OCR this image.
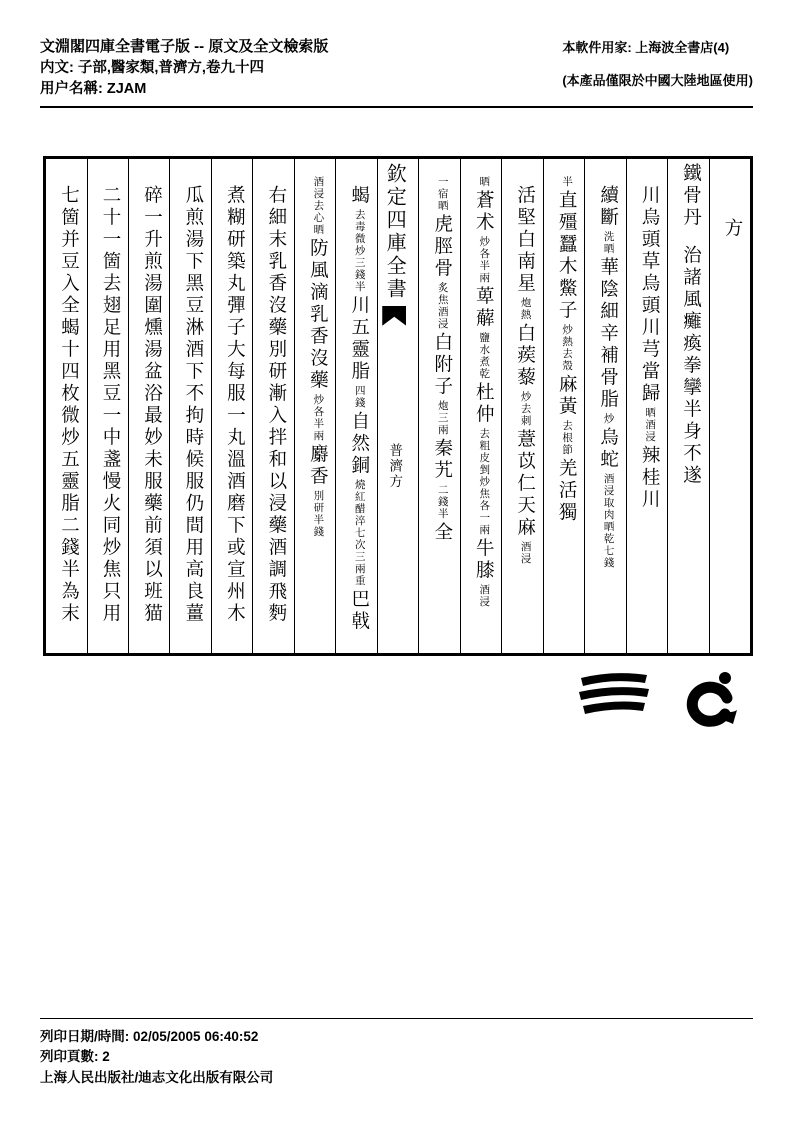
文淵閣四庫全書電子版 -- 原文及全文檢索版

内文: 子部,醫家類,普濟方,卷九十四

用户名稱: ZJAM

本軟件用家: 上海波全書店(4)

(本產品僅限於中國大陸地區使用)

方
鐵骨丹治諸風癱瘓拳攣半身不遂
川烏頭草烏頭川芎當歸晒酒浸辣桂川
續斷洗晒華陰細辛補骨脂炒烏蛇酒浸取肉晒乾七錢
半直殭蠶木鱉子炒熱去殼麻黃去根節羌活獨
活堅白南星炮熱白蒺藜炒去刺薏苡仁天麻酒浸
晒蒼术炒各半兩萆薢鹽水煮乾杜仲去粗皮剉炒焦各一兩牛膝酒浸
一宿晒虎脛骨炙焦酒浸白附子炮三兩秦艽二錢半全
欽定四庫全書普濟方
蝎去毒微炒三錢半川五靈脂四錢自然銅燒紅醋淬七次三兩重巴戟
酒浸去心晒防風滴乳香沒藥炒各半兩麝香別研半錢
右細末乳香沒藥別研漸入拌和以浸藥酒調飛麪
煮糊研築丸彈子大每服一丸溫酒磨下或宣州木
瓜煎湯下黑豆淋酒下不拘時候服仍間用高良薑
碎一升煎湯圍燻湯盆浴最妙未服藥前須以班猫
二十一箇去翅足用黑豆一中盞慢火同炒焦只用
七箇并豆入全蝎十四枚微炒五靈脂二錢半為末

列印日期/時間: 02/05/2005 06:40:52

列印頁數: 2

上海人民出版社/迪志文化出版有限公司
